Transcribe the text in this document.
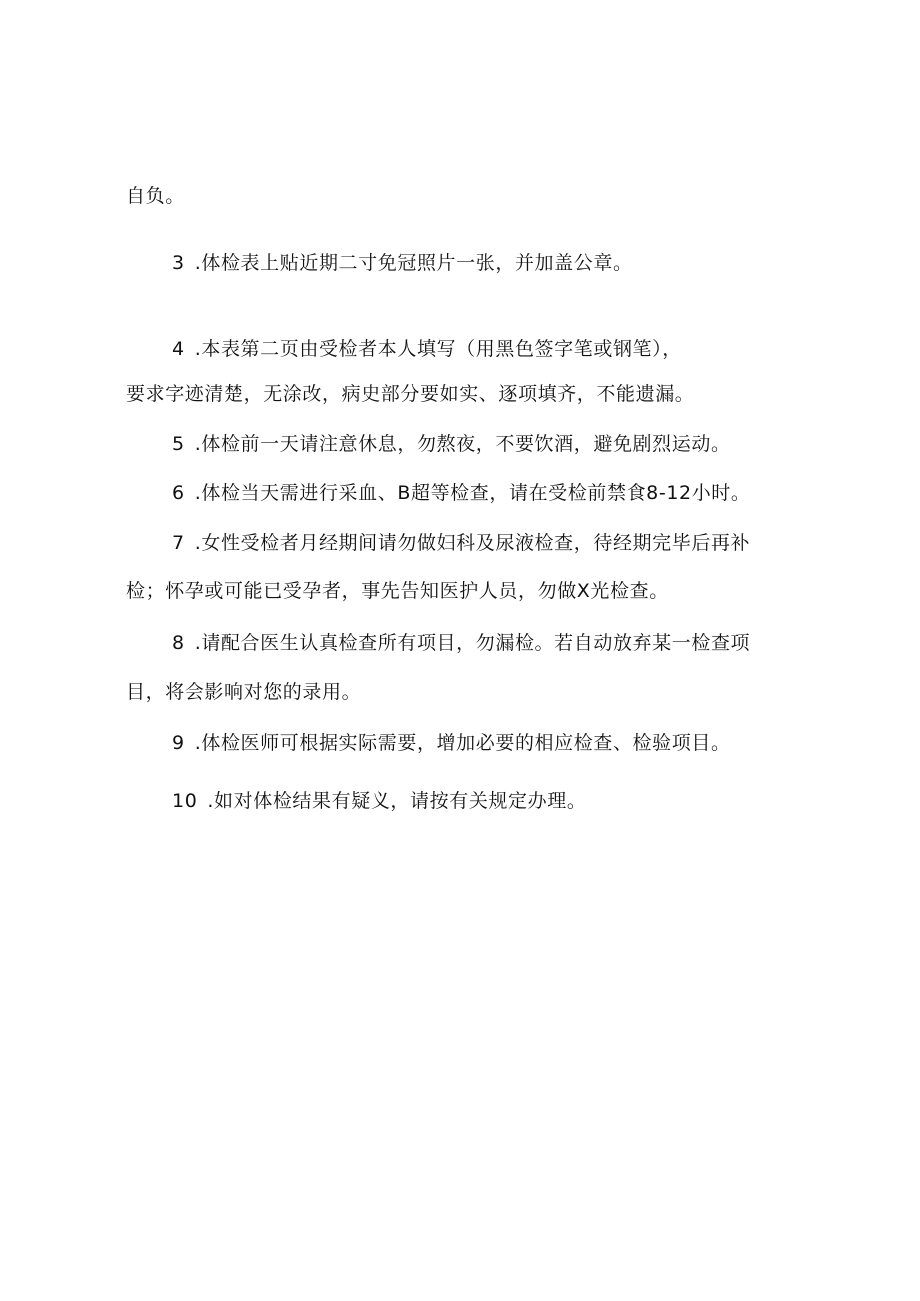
自负。
3 .体检表上贴近期二寸免冠照片一张，并加盖公章。
4 .本表第二页由受检者本人填写（用黑色签字笔或钢笔），
要求字迹清楚，无涂改，病史部分要如实、逐项填齐，不能遗漏。
5 .体检前一天请注意休息，勿熬夜，不要饮酒，避免剧烈运动。
6 .体检当天需进行采血、B超等检查，请在受检前禁食8-12小时。
7 .女性受检者月经期间请勿做妇科及尿液检查，待经期完毕后再补
检；怀孕或可能已受孕者，事先告知医护人员，勿做X光检查。
8 .请配合医生认真检查所有项目，勿漏检。若自动放弃某一检查项
目，将会影响对您的录用。
9 .体检医师可根据实际需要，增加必要的相应检查、检验项目。
10 .如对体检结果有疑义，请按有关规定办理。
